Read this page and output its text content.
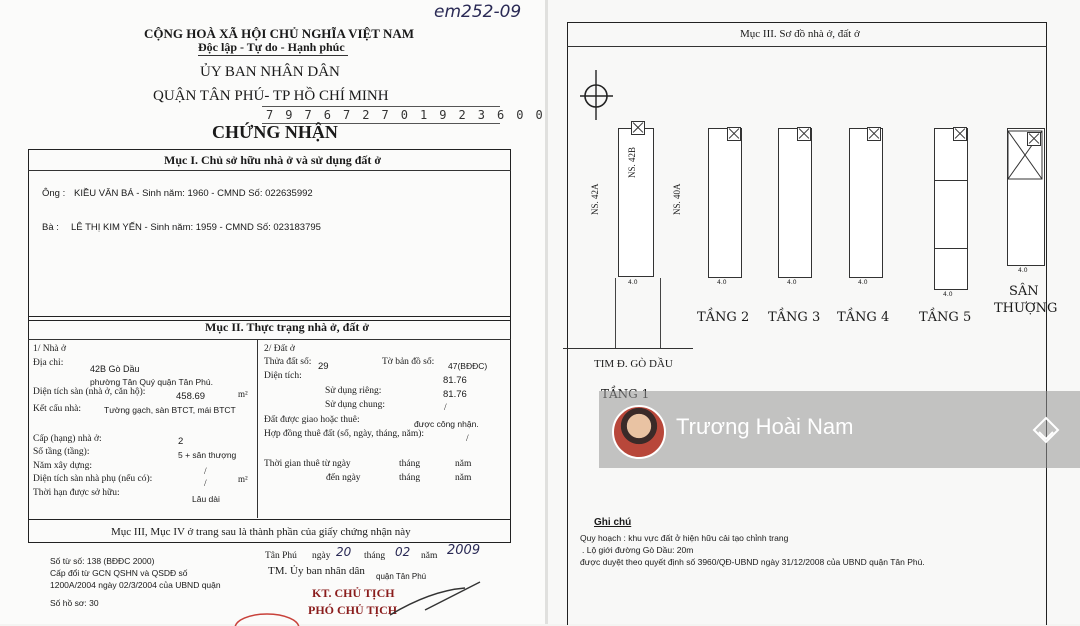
em252-09
CỘNG HOÀ XÃ HỘI CHỦ NGHĨA VIỆT NAM
Độc lập - Tự do - Hạnh phúc
ỦY BAN NHÂN DÂN
QUẬN TÂN PHÚ- TP HỒ CHÍ MINH
7 9 7 6 7 2 7 0 1 9 2 3 6 0 0
CHỨNG NHẬN
Mục I. Chủ sở hữu nhà ở và sử dụng đất ở
Ông : KIỀU VĂN BÁ - Sinh năm: 1960 - CMND Số: 022635992
Bà : LÊ THỊ KIM YẾN - Sinh năm: 1959 - CMND Số: 023183795
Mục II. Thực trạng nhà ở, đất ở
1/ Nhà ở
Địa chỉ:
42B Gò Dầu
phường Tân Quý quận Tân Phú.
Diện tích sàn (nhà ở, căn hộ):	458.69	m²
Kết cấu nhà:	Tường gạch, sàn BTCT, mái BTCT
Cấp (hạng) nhà ở:	2
Số tầng (tầng):	5 + sân thượng
Năm xây dựng:
/
Diện tích sàn nhà phụ (nếu có):	/	m²
Thời hạn được sở hữu:
Lâu dài
2/ Đất ở
Thửa đất số: 29	Tờ bản đồ số: 47(BĐĐC)
Diện tích:	81.76
Sử dụng riêng:	81.76
Sử dụng chung:	/
Đất được giao hoặc thuê:	được công nhận.
Hợp đồng thuê đất (số, ngày, tháng, năm):	/
Thời gian thuê từ ngày	tháng	năm
đến ngày	tháng	năm
Mục III, Mục IV ở trang sau là thành phần của giấy chứng nhận này
Số từ số: 138 (BĐĐC 2000)
Cấp đổi từ GCN QSHN và QSDĐ số
1200A/2004 ngày 02/3/2004 của UBND quận
Số hồ sơ: 30
Tân Phú ngày 20 tháng 02 năm 2009
TM. Ủy ban nhân dân quận Tân Phú
KT. CHỦ TỊCH
PHÓ CHỦ TỊCH
Mục III. Sơ đồ nhà ở, đất ở
NS. 42B
NS. 42A	NS. 40A
4.0
TIM Đ. GÒ DẦU
4.0
TẦNG 2
4.0
TẦNG 3
4.0
TẦNG 4
4.0
TẦNG 5
4.0
SÂN
THƯỢNG
Ghi chú
Quy hoạch : khu vực đất ở hiện hữu cải tạo chỉnh trang
. Lộ giới đường Gò Dầu: 20m
được duyệt theo quyết định số 3960/QĐ-UBND ngày 31/12/2008 của UBND quận Tân Phú.
Trương Hoài Nam
